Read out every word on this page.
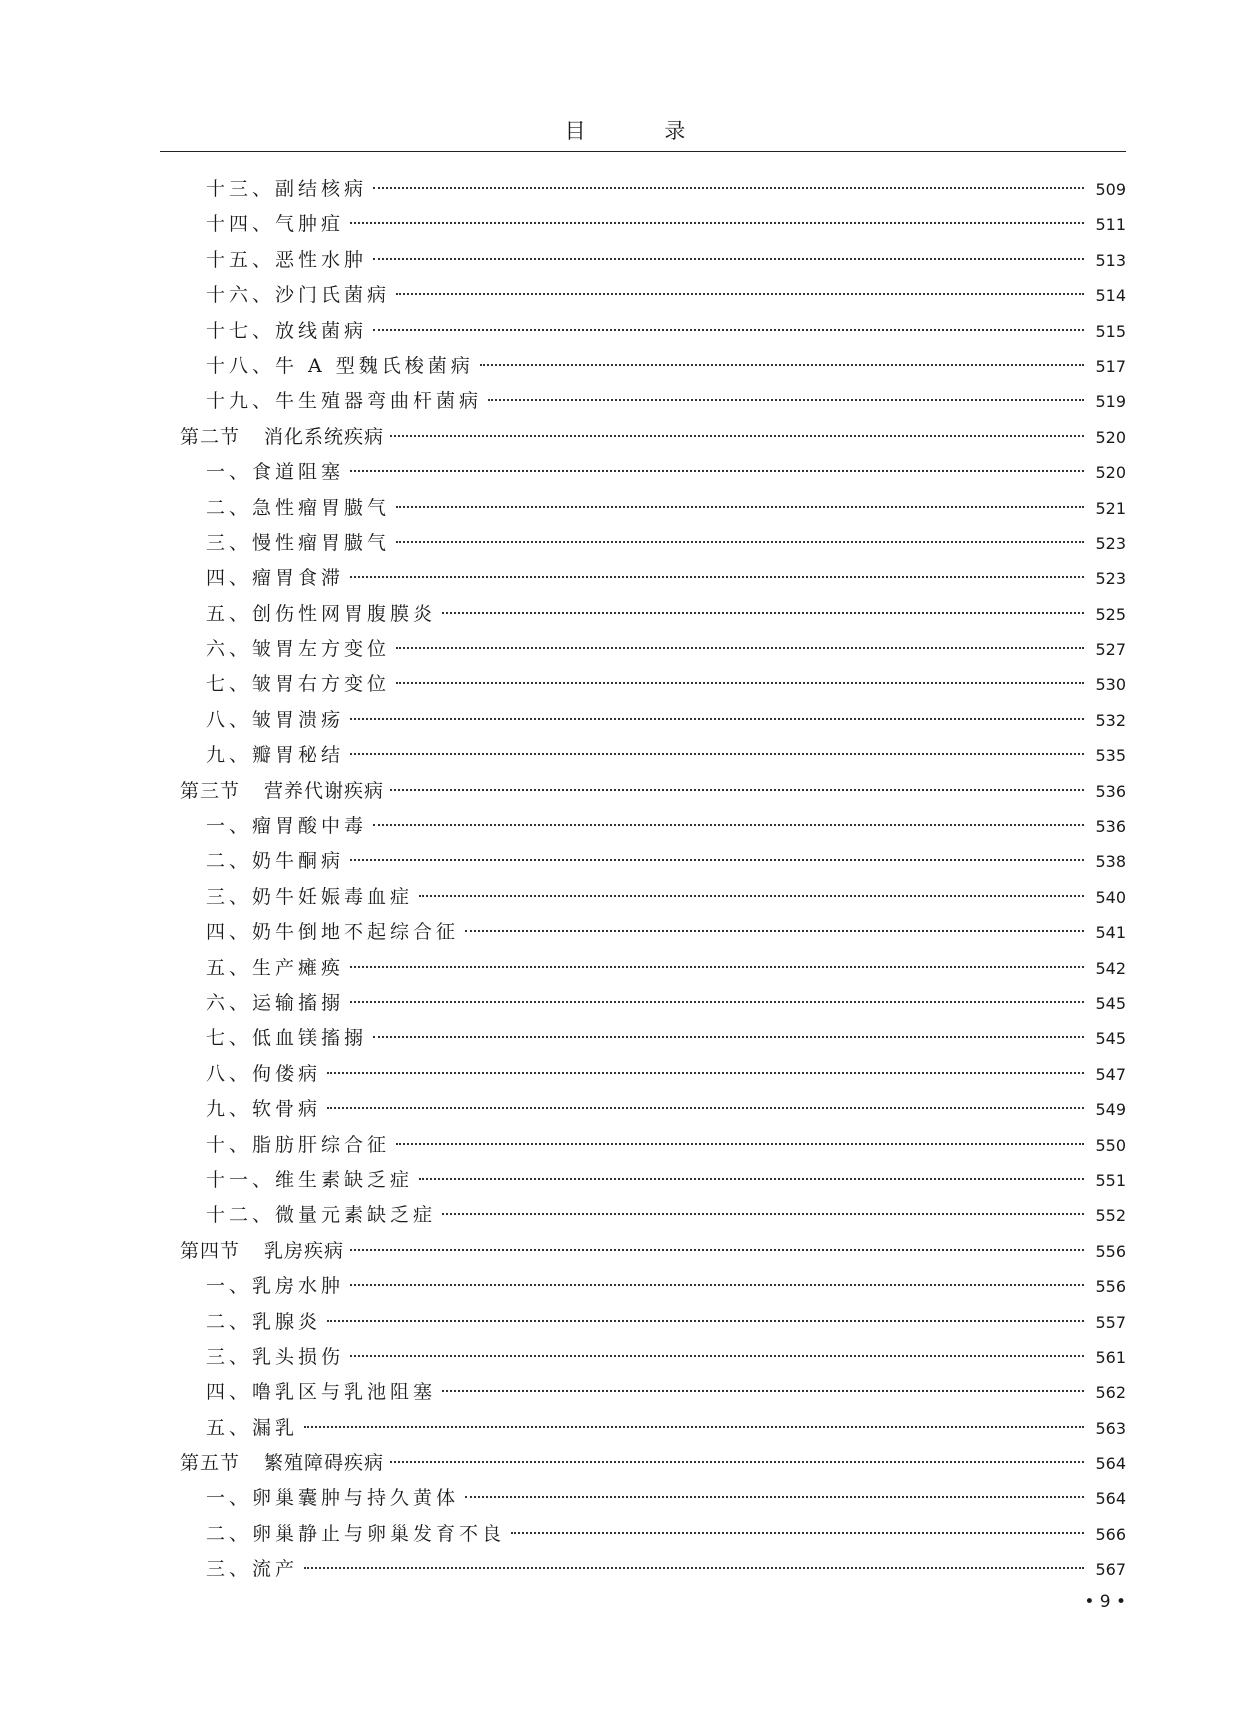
目 录
十三、副结核病	509
十四、气肿疽	511
十五、恶性水肿	513
十六、沙门氏菌病	514
十七、放线菌病	515
十八、牛 A 型魏氏梭菌病	517
十九、牛生殖器弯曲杆菌病	519
第二节 消化系统疾病	520
一、食道阻塞	520
二、急性瘤胃臌气	521
三、慢性瘤胃臌气	523
四、瘤胃食滞	523
五、创伤性网胃腹膜炎	525
六、皱胃左方变位	527
七、皱胃右方变位	530
八、皱胃溃疡	532
九、瓣胃秘结	535
第三节 营养代谢疾病	536
一、瘤胃酸中毒	536
二、奶牛酮病	538
三、奶牛妊娠毒血症	540
四、奶牛倒地不起综合征	541
五、生产瘫痪	542
六、运输搐搦	545
七、低血镁搐搦	545
八、佝偻病	547
九、软骨病	549
十、脂肪肝综合征	550
十一、维生素缺乏症	551
十二、微量元素缺乏症	552
第四节 乳房疾病	556
一、乳房水肿	556
二、乳腺炎	557
三、乳头损伤	561
四、噜乳区与乳池阻塞	562
五、漏乳	563
第五节 繁殖障碍疾病	564
一、卵巢囊肿与持久黄体	564
二、卵巢静止与卵巢发育不良	566
三、流产	567
• 9 •
